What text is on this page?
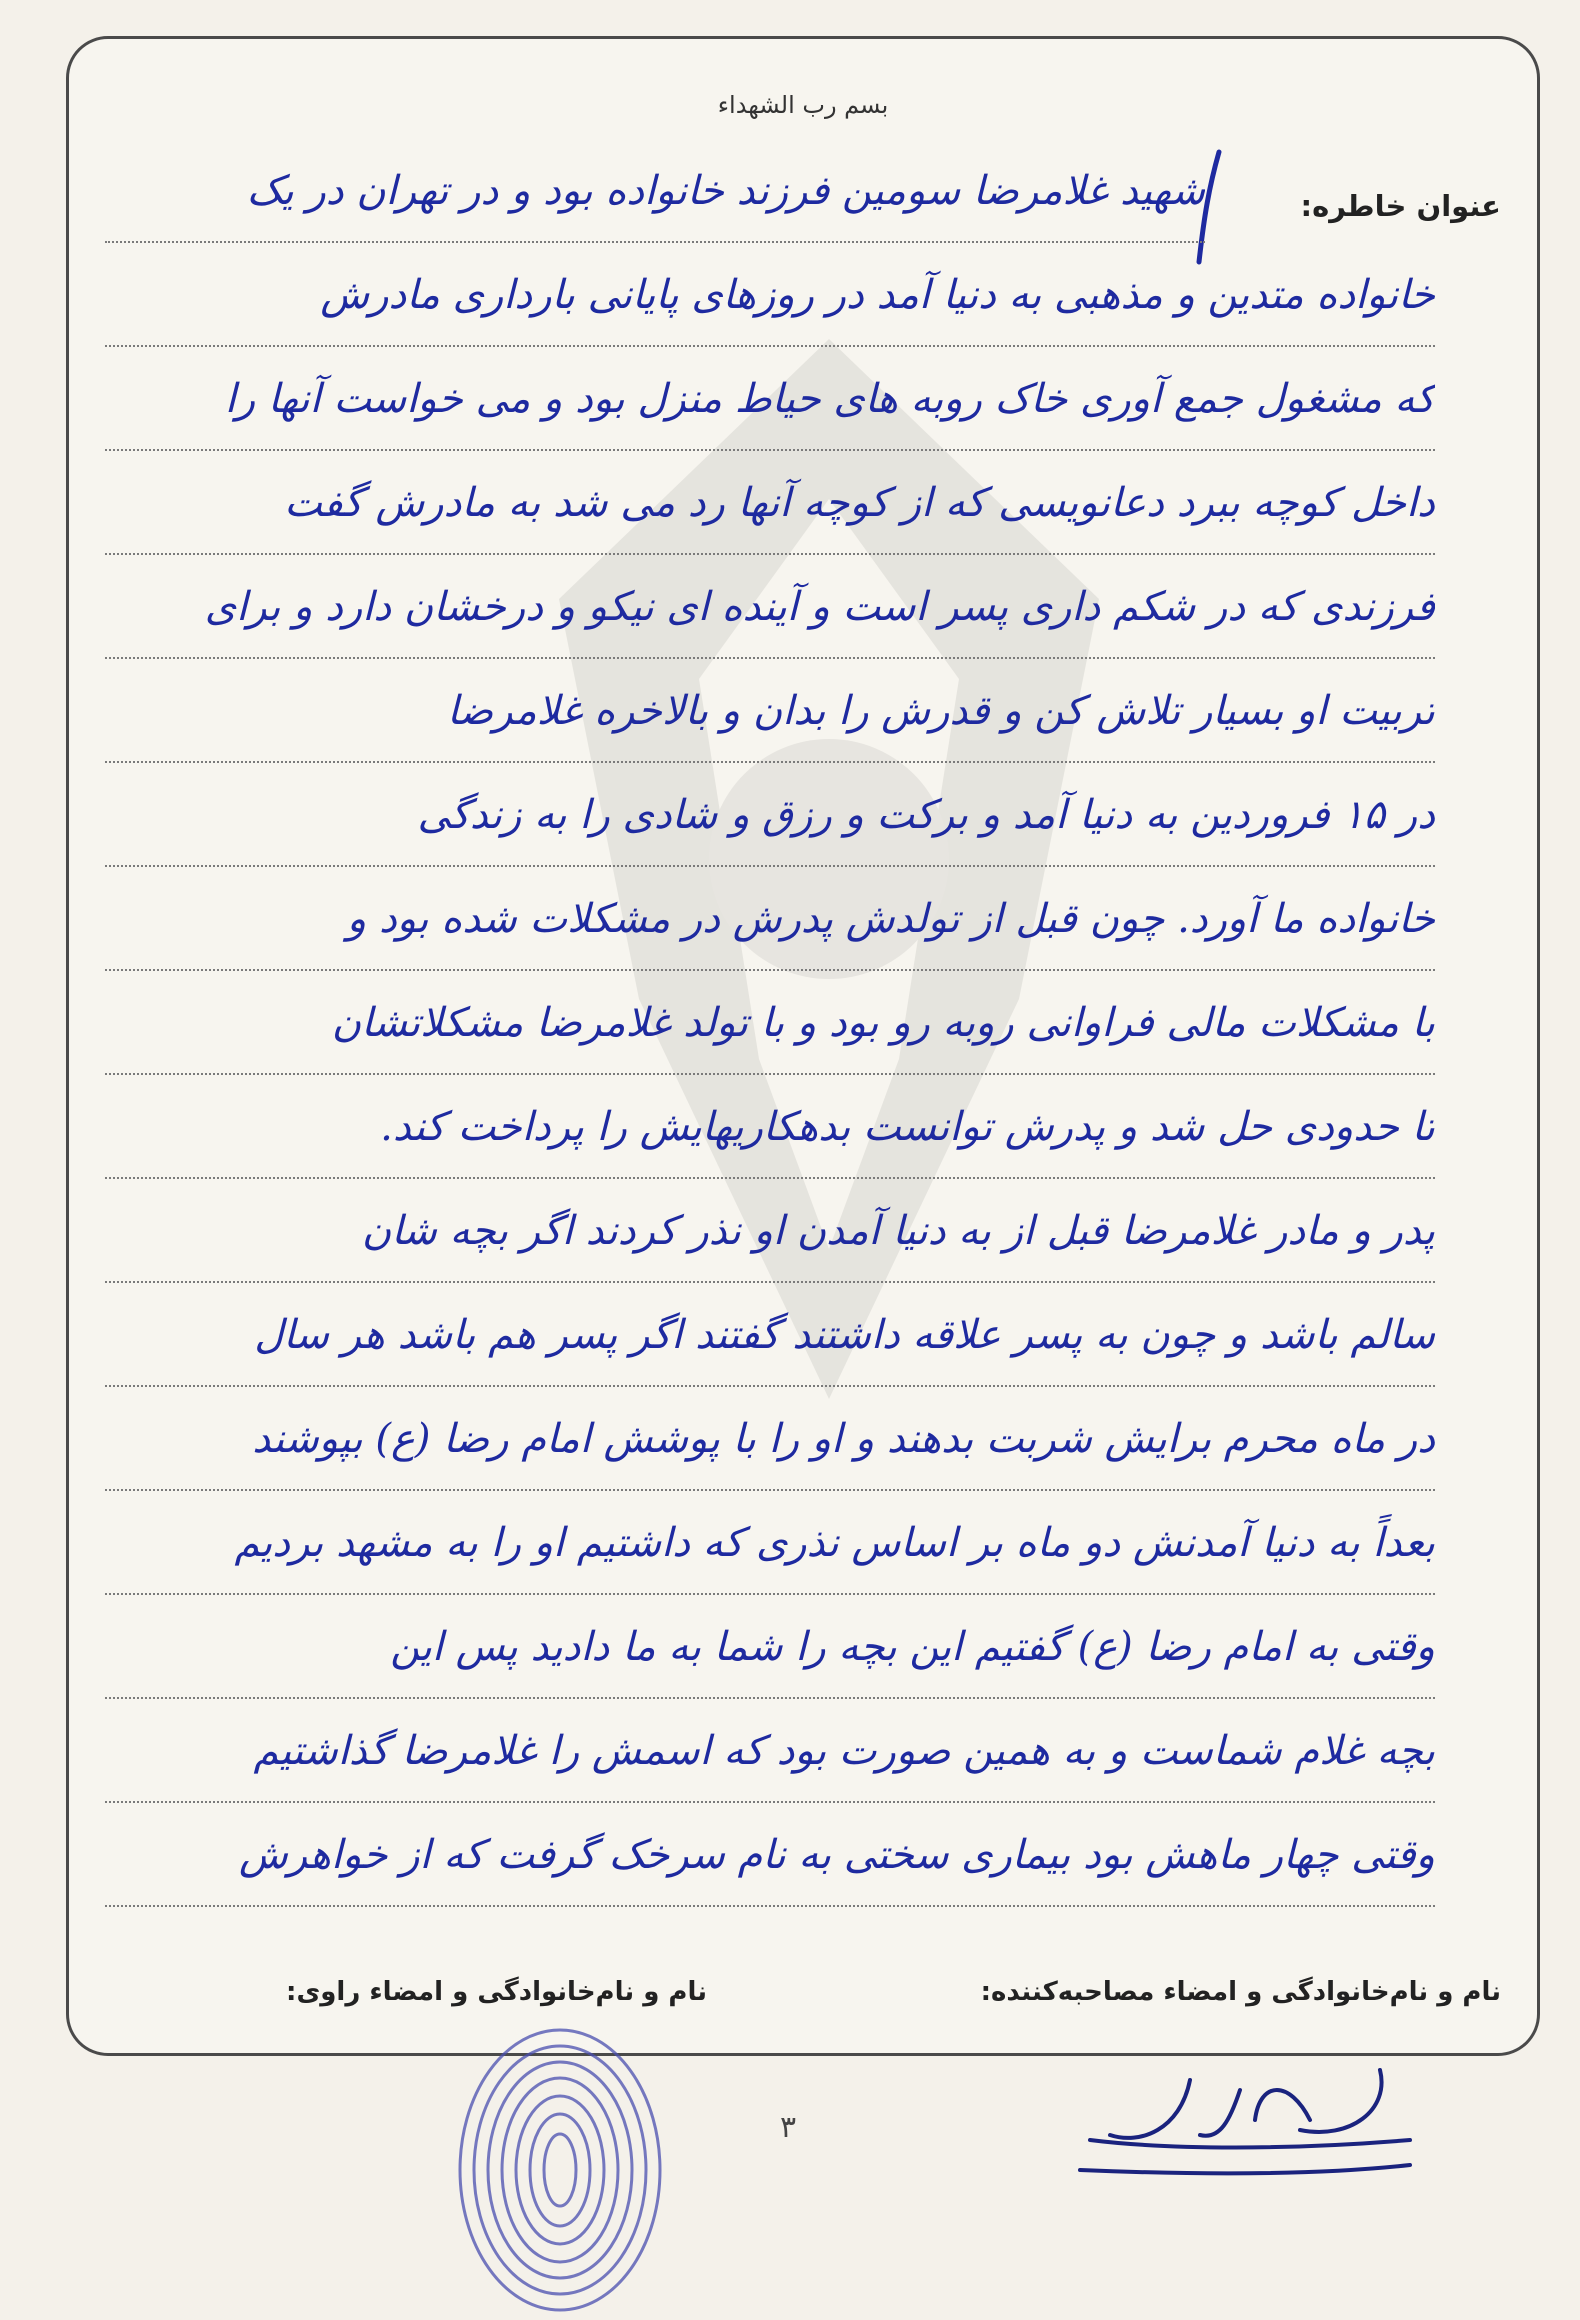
بسم رب الشهداء
عنوان خاطره:
شهید غلامرضا سومین فرزند خانواده بود و در تهران در یک
خانواده متدین و مذهبی به دنیا آمد در روزهای پایانی بارداری مادرش
که مشغول جمع آوری خاک روبه های حیاط منزل بود و می خواست آنها را
داخل کوچه ببرد دعانویسی که از کوچه آنها رد می شد به مادرش گفت
فرزندی که در شکم داری پسر است و آینده ای نیکو و درخشان دارد و برای
تربیت او بسیار تلاش کن و قدرش را بدان و بالاخره غلامرضا
در ۱۵ فروردین به دنیا آمد و برکت و رزق و شادی را به زندگی
خانواده ما آورد. چون قبل از تولدش پدرش در مشکلات شده بود و
با مشکلات مالی فراوانی روبه رو بود و با تولد غلامرضا مشکلاتشان
تا حدودی حل شد و پدرش توانست بدهکاریهایش را پرداخت کند.
پدر و مادر غلامرضا قبل از به دنیا آمدن او نذر کردند اگر بچه شان
سالم باشد و چون به پسر علاقه داشتند گفتند اگر پسر هم باشد هر سال
در ماه محرم برایش شربت بدهند و او را با پوشش امام رضا (ع) بپوشند
بعداً به دنیا آمدنش دو ماه بر اساس نذری که داشتیم او را به مشهد بردیم
وقتی به امام رضا (ع) گفتیم این بچه را شما به ما دادید پس این
بچه غلام شماست و به همین صورت بود که اسمش را غلامرضا گذاشتیم
وقتی چهار ماهش بود بیماری سختی به نام سرخک گرفت که از خواهرش
نام و نام‌خانوادگی و امضاء مصاحبه‌کننده:
نام و نام‌خانوادگی و امضاء راوی:
۳
